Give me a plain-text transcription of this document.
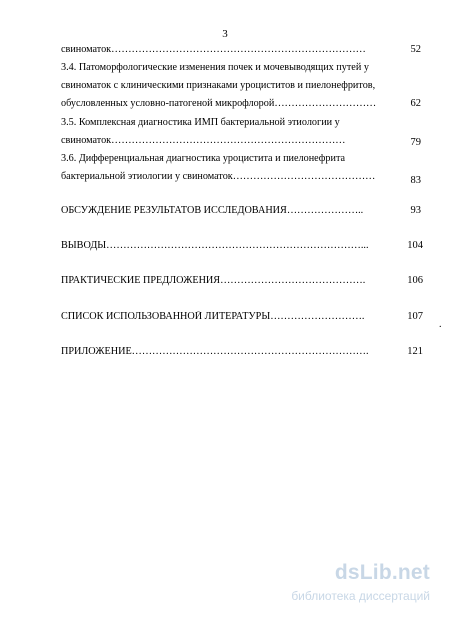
3
свиноматок…………………………………………………………………	52
3.4. Патоморфологические изменения почек и мочевыводящих путей у
свиноматок с клиническими признаками уроциститов и пиелонефритов,
обусловленных условно-патогеной микрофлорой…………………………	62
3.5. Комплексная диагностика ИМП бактериальной этиологии у
свиноматок……………………………………………………………	79
3.6. Дифференциальная диагностика уроцистита и пиелонефрита
бактериальной этиологии у свиноматок……………………………………	83
ОБСУЖДЕНИЕ РЕЗУЛЬТАТОВ ИССЛЕДОВАНИЯ…………………..	93
ВЫВОДЫ…………………………………………………………………...	104
ПРАКТИЧЕСКИЕ ПРЕДЛОЖЕНИЯ…………………………………….	106
СПИСОК ИСПОЛЬЗОВАННОЙ ЛИТЕРАТУРЫ……………………….	107
ПРИЛОЖЕНИЕ…………………………………………………………….	121
.
dsLib.net
библиотека диссертаций
